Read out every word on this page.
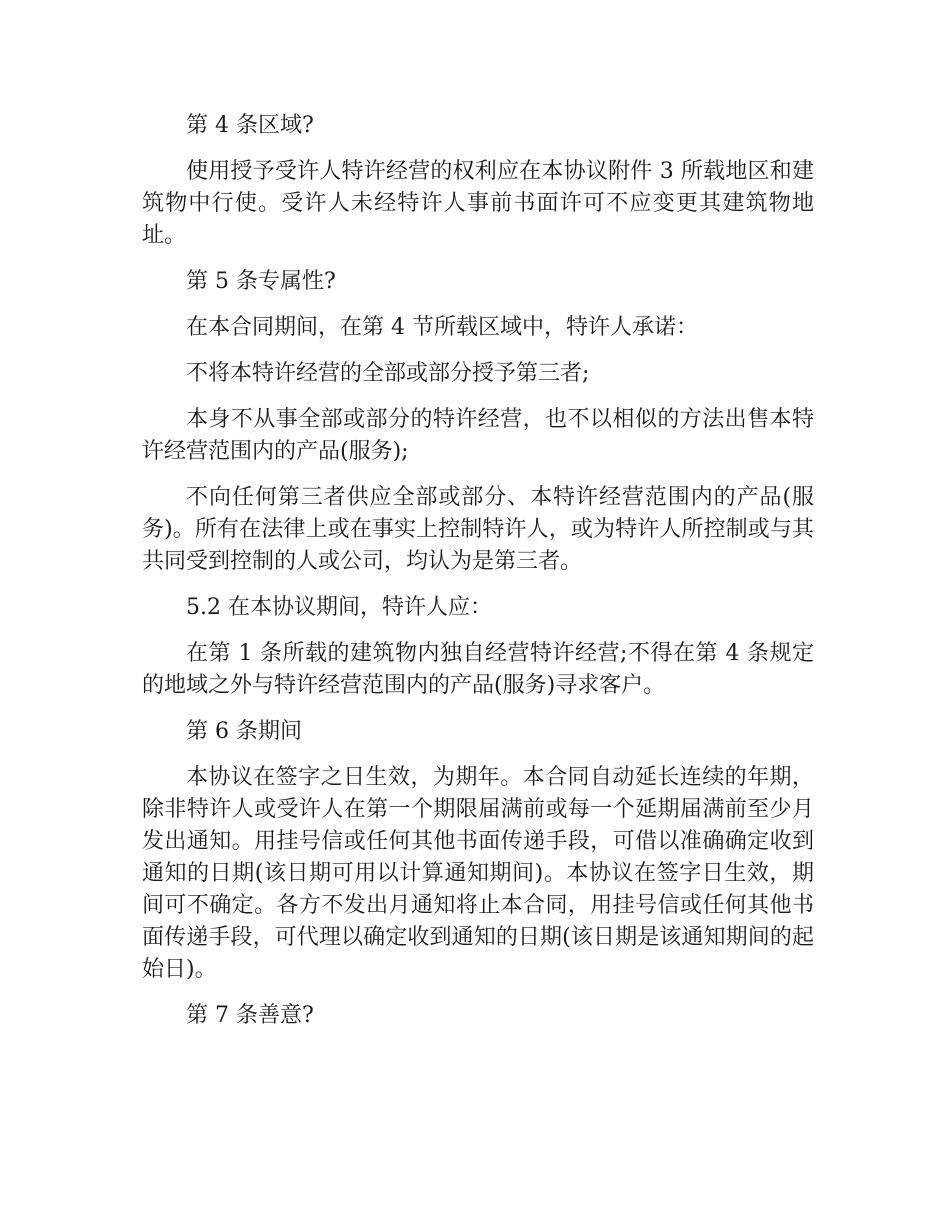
第 4 条区域?

使用授予受许人特许经营的权利应在本协议附件 3 所载地区和建筑物中行使。受许人未经特许人事前书面许可不应变更其建筑物地址。

第 5 条专属性?

在本合同期间，在第 4 节所载区域中，特许人承诺：

不将本特许经营的全部或部分授予第三者;

本身不从事全部或部分的特许经营，也不以相似的方法出售本特许经营范围内的产品(服务);

不向任何第三者供应全部或部分、本特许经营范围内的产品(服务)。所有在法律上或在事实上控制特许人，或为特许人所控制或与其共同受到控制的人或公司，均认为是第三者。

5.2 在本协议期间，特许人应：

在第 1 条所载的建筑物内独自经营特许经营;不得在第 4 条规定的地域之外与特许经营范围内的产品(服务)寻求客户。

第 6 条期间

本协议在签字之日生效，为期年。本合同自动延长连续的年期，除非特许人或受许人在第一个期限届满前或每一个延期届满前至少月发出通知。用挂号信或任何其他书面传递手段，可借以准确确定收到通知的日期(该日期可用以计算通知期间)。本协议在签字日生效，期间可不确定。各方不发出月通知将止本合同，用挂号信或任何其他书面传递手段，可代理以确定收到通知的日期(该日期是该通知期间的起始日)。

第 7 条善意?
